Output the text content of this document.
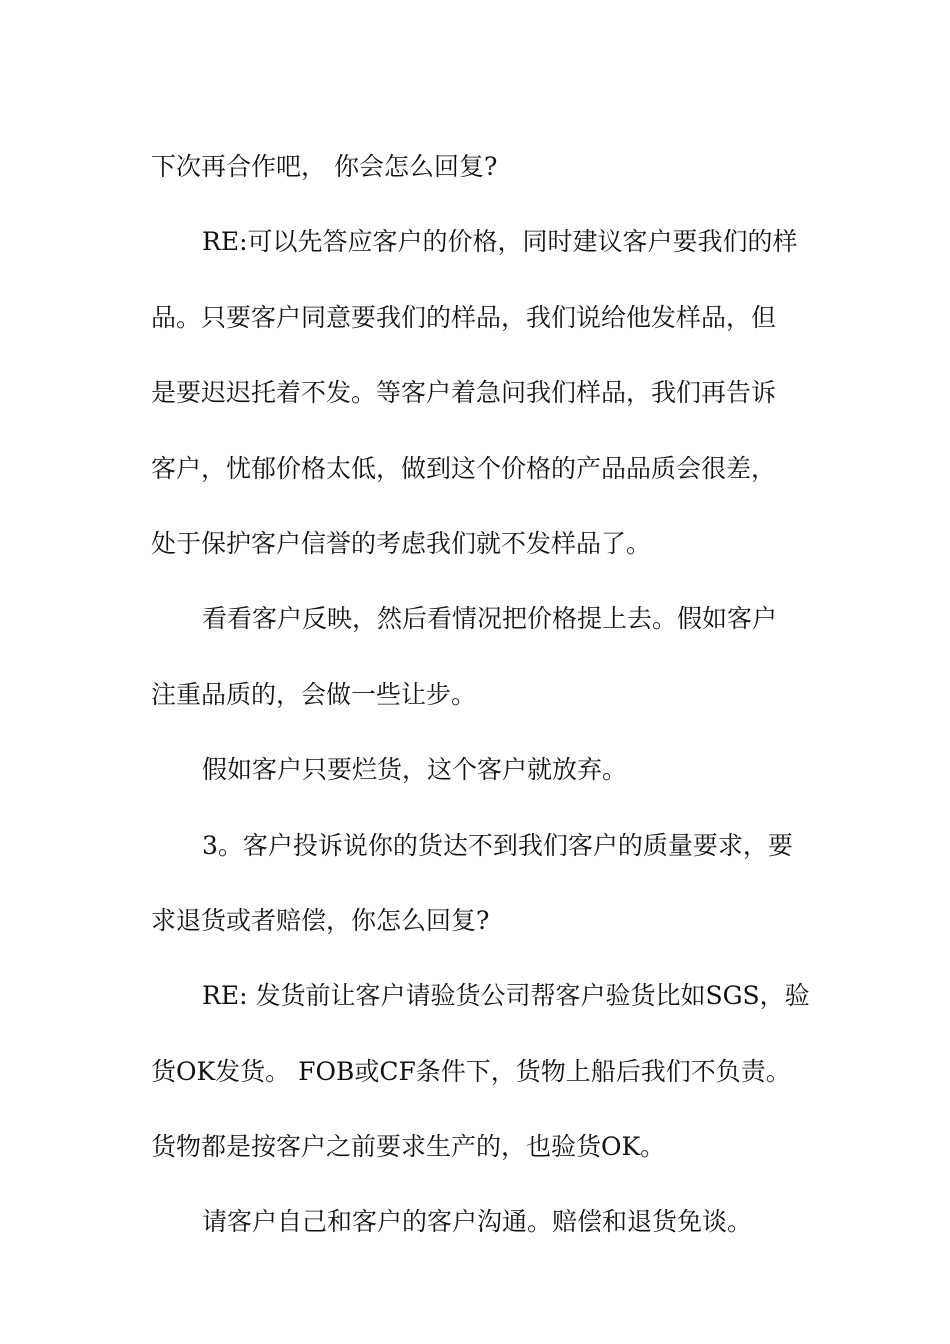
下次再合作吧， 你会怎么回复?
RE:可以先答应客户的价格，同时建议客户要我们的样
品。只要客户同意要我们的样品，我们说给他发样品，但
是要迟迟托着不发。等客户着急问我们样品，我们再告诉
客户，忧郁价格太低，做到这个价格的产品品质会很差，
处于保护客户信誉的考虑我们就不发样品了。
看看客户反映，然后看情况把价格提上去。假如客户
注重品质的，会做一些让步。
假如客户只要烂货，这个客户就放弃。
3。客户投诉说你的货达不到我们客户的质量要求，要
求退货或者赔偿，你怎么回复?
RE: 发货前让客户请验货公司帮客户验货比如SGS，验
货OK发货。 FOB或CF条件下，货物上船后我们不负责。
货物都是按客户之前要求生产的，也验货OK。
请客户自己和客户的客户沟通。赔偿和退货免谈。
